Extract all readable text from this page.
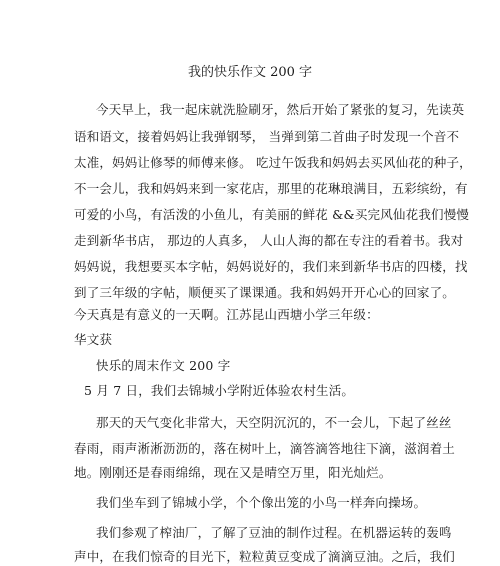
我的快乐作文 200 字
今天早上，我一起床就洗脸刷牙，然后开始了紧张的复习，先读英
语和语文，接着妈妈让我弹钢琴， 当弹到第二首曲子时发现一个音不
太准，妈妈让修琴的师傅来修。 吃过午饭我和妈妈去买风仙花的种子，
不一会儿，我和妈妈来到一家花店，那里的花琳琅满目，五彩缤纷，有
可爱的小鸟，有活泼的小鱼儿，有美丽的鲜花 &&买完风仙花我们慢慢
走到新华书店， 那边的人真多， 人山人海的都在专注的看着书。我对
妈妈说，我想要买本字帖，妈妈说好的，我们来到新华书店的四楼，找
到了三年级的字帖，顺便买了课课通。我和妈妈开开心心的回家了。
今天真是有意义的一天啊。江苏昆山西塘小学三年级：
华文获
快乐的周末作文 200 字
5 月 7 日，我们去锦城小学附近体验农村生活。
那天的天气变化非常大，天空阴沉沉的，不一会儿，下起了丝丝
春雨，雨声淅淅沥沥的，落在树叶上，滴答滴答地往下滴，滋润着土
地。刚刚还是春雨绵绵，现在又是晴空万里，阳光灿烂。
我们坐车到了锦城小学，个个像出笼的小鸟一样奔向操场。
我们参观了榨油厂，了解了豆油的制作过程。在机器运转的轰鸣
声中，在我们惊奇的目光下，粒粒黄豆变成了滴滴豆油。之后，我们
